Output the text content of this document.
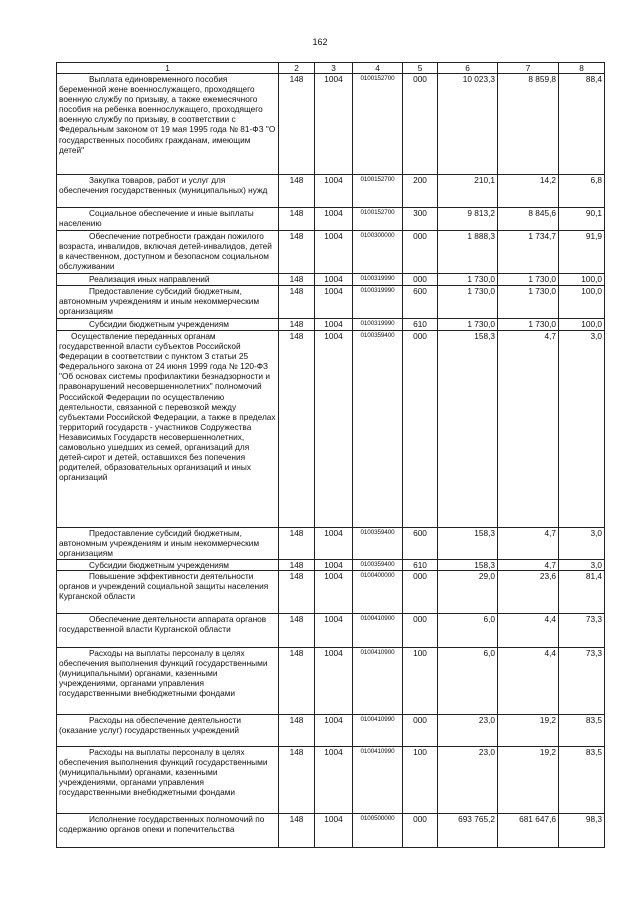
162
1	2	3	4	5	6	7	8
Выплата единовременного пособия беременной жене военнослужащего, проходящего военную службу по призыву, а также ежемесячного пособия на ребенка военнослужащего, проходящего военную службу по призыву, в соответствии с Федеральным законом от 19 мая 1995 года № 81-ФЗ "О государственных пособиях гражданам, имеющим детей"	148	1004	0100152700	000	10 023,3	8 859,8	88,4
Закупка товаров, работ и услуг для обеспечения государственных (муниципальных) нужд	148	1004	0100152700	200	210,1	14,2	6,8
Социальное обеспечение и иные выплаты населению	148	1004	0100152700	300	9 813,2	8 845,6	90,1
Обеспечение потребности граждан пожилого возраста, инвалидов, включая детей-инвалидов, детей в качественном, доступном и безопасном социальном обслуживании	148	1004	0100300000	000	1 888,3	1 734,7	91,9
Реализация иных направлений	148	1004	0100319990	000	1 730,0	1 730,0	100,0
Предоставление субсидий бюджетным, автономным учреждениям и иным некоммерческим организациям	148	1004	0100319990	600	1 730,0	1 730,0	100,0
Субсидии бюджетным учреждениям	148	1004	0100319990	610	1 730,0	1 730,0	100,0
Осуществление переданных органам государственной власти субъектов Российской Федерации в соответствии с пунктом 3 статьи 25 Федерального закона от 24 июня 1999 года № 120-ФЗ "Об основах системы профилактики безнадзорности и правонарушений несовершеннолетних" полномочий Российской Федерации по осуществлению деятельности, связанной с перевозкой между субъектами Российской Федерации, а также в пределах территорий государств - участников Содружества Независимых Государств несовершеннолетних, самовольно ушедших из семей, организаций для детей-сирот и детей, оставшихся без попечения родителей, образовательных организаций и иных организаций	148	1004	0100359400	000	158,3	4,7	3,0
Предоставление субсидий бюджетным, автономным учреждениям и иным некоммерческим организациям	148	1004	0100359400	600	158,3	4,7	3,0
Субсидии бюджетным учреждениям	148	1004	0100359400	610	158,3	4,7	3,0
Повышение эффективности деятельности органов и учреждений социальной защиты населения Курганской области	148	1004	0100400000	000	29,0	23,6	81,4
Обеспечение деятельности аппарата органов государственной власти Курганской области	148	1004	0100410900	000	6,0	4,4	73,3
Расходы на выплаты персоналу в целях обеспечения выполнения функций государственными (муниципальными) органами, казенными учреждениями, органами управления государственными внебюджетными фондами	148	1004	0100410900	100	6,0	4,4	73,3
Расходы на обеспечение деятельности (оказание услуг) государственных учреждений	148	1004	0100410990	000	23,0	19,2	83,5
Расходы на выплаты персоналу в целях обеспечения выполнения функций государственными (муниципальными) органами, казенными учреждениями, органами управления государственными внебюджетными фондами	148	1004	0100410990	100	23,0	19,2	83,5
Исполнение государственных полномочий по содержанию органов опеки и попечительства	148	1004	0100500000	000	693 765,2	681 647,6	98,3
